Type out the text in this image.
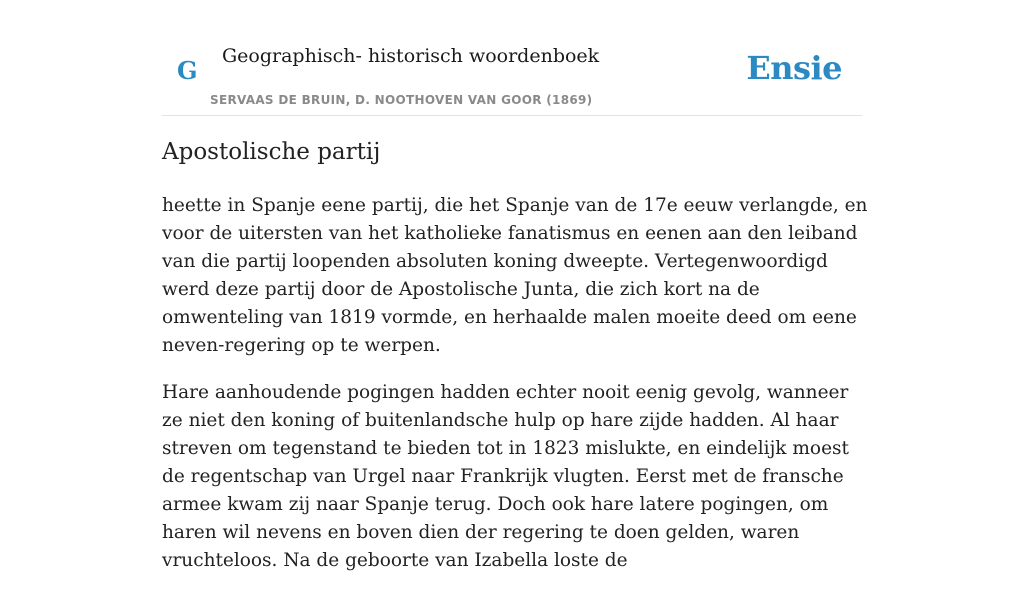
G Geographisch- historisch woordenboek
SERVAAS DE BRUIN, D. NOOTHOVEN VAN GOOR (1869)
Ensie
Apostolische partij

heette in Spanje eene partij, die het Spanje van de 17e eeuw verlangde, en voor de uitersten van het katholieke fanatismus en eenen aan den leiband van die partij loopenden absoluten koning dweepte. Vertegenwoordigd werd deze partij door de Apostolische Junta, die zich kort na de omwenteling van 1819 vormde, en herhaalde malen moeite deed om eene neven-regering op te werpen.

Hare aanhoudende pogingen hadden echter nooit eenig gevolg, wanneer ze niet den koning of buitenlandsche hulp op hare zijde hadden. Al haar streven om tegenstand te bieden tot in 1823 mislukte, en eindelijk moest de regentschap van Urgel naar Frankrijk vlugten. Eerst met de fransche armee kwam zij naar Spanje terug. Doch ook hare latere pogingen, om haren wil nevens en boven dien der regering te doen gelden, waren vruchteloos. Na de geboorte van Izabella loste de
